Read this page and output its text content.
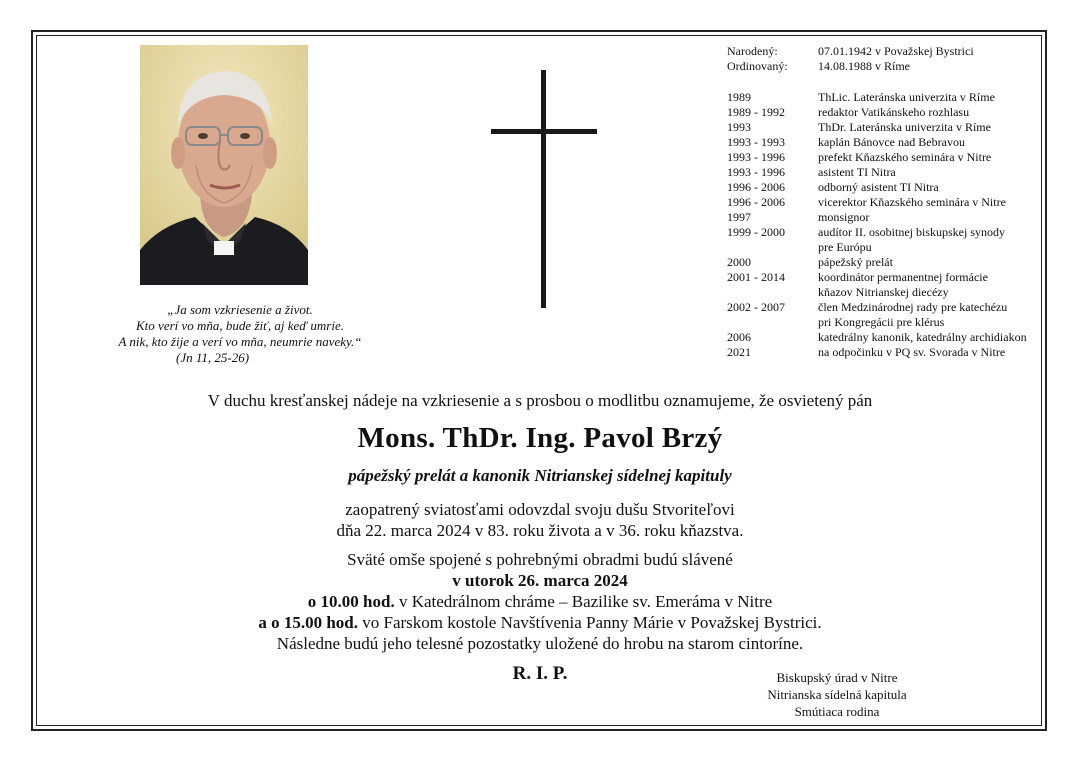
„Ja som vzkriesenie a život.
Kto verí vo mňa, bude žiť, aj keď umrie.
A nik, kto žije a verí vo mňa, neumrie naveky.“
(Jn 11, 25-26)
Narodený:	07.01.1942 v Považskej Bystrici
Ordinovaný:	14.08.1988 v Ríme
1989	ThLic. Lateránska univerzita v Ríme
1989 - 1992	redaktor Vatikánskeho rozhlasu
1993	ThDr. Lateránska univerzita v Ríme
1993 - 1993	kaplán Bánovce nad Bebravou
1993 - 1996	prefekt Kňazského seminára v Nitre
1993 - 1996	asistent TI Nitra
1996 - 2006	odborný asistent TI Nitra
1996 - 2006	vicerektor Kňazského seminára v Nitre
1997	monsignor
1999 - 2000	audítor II. osobitnej biskupskej synody
pre Európu
2000	pápežský prelát
2001 - 2014	koordinátor permanentnej formácie
kňazov Nitrianskej diecézy
2002 - 2007	člen Medzinárodnej rady pre katechézu
pri Kongregácii pre klérus
2006	katedrálny kanonik, katedrálny archidiakon
2021	na odpočinku v PQ sv. Svorada v Nitre
V duchu kresťanskej nádeje na vzkriesenie a s prosbou o modlitbu oznamujeme, že osvietený pán
Mons. ThDr. Ing. Pavol Brzý
pápežský prelát a kanonik Nitrianskej sídelnej kapituly
zaopatrený sviatosťami odovzdal svoju dušu Stvoriteľovi
dňa 22. marca 2024 v 83. roku života a v 36. roku kňazstva.
Sväté omše spojené s pohrebnými obradmi budú slávené
v utorok 26. marca 2024
o 10.00 hod. v Katedrálnom chráme – Bazilike sv. Emeráma v Nitre
a o 15.00 hod. vo Farskom kostole Navštívenia Panny Márie v Považskej Bystrici.
Následne budú jeho telesné pozostatky uložené do hrobu na starom cintoríne.
R. I. P.	Biskupský úrad v Nitre
Nitrianska sídelná kapitula
Smútiaca rodina
